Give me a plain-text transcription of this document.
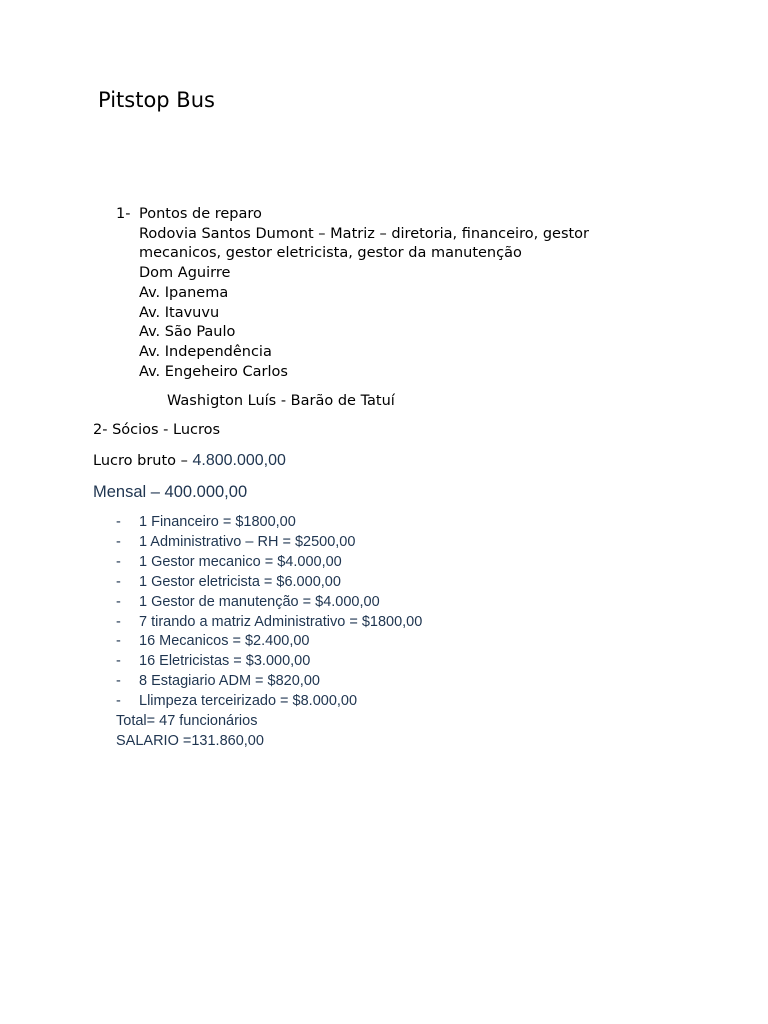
Pitstop Bus
1- Pontos de reparo
Rodovia Santos Dumont – Matriz – diretoria, financeiro, gestor
mecanicos, gestor eletricista, gestor da manutenção
Dom Aguirre
Av. Ipanema
Av. Itavuvu
Av. São Paulo
Av. Independência
Av. Engeheiro Carlos
Washigton Luís - Barão de Tatuí
2- Sócios - Lucros
Lucro bruto – 4.800.000,00
Mensal – 400.000,00
- 1 Financeiro = $1800,00
- 1 Administrativo – RH = $2500,00
- 1 Gestor mecanico = $4.000,00
- 1 Gestor eletricista = $6.000,00
- 1 Gestor de manutenção = $4.000,00
- 7 tirando a matriz Administrativo = $1800,00
- 16 Mecanicos = $2.400,00
- 16 Eletricistas = $3.000,00
- 8 Estagiario ADM = $820,00
- Llimpeza terceirizado = $8.000,00
Total= 47 funcionários
SALARIO =131.860,00
